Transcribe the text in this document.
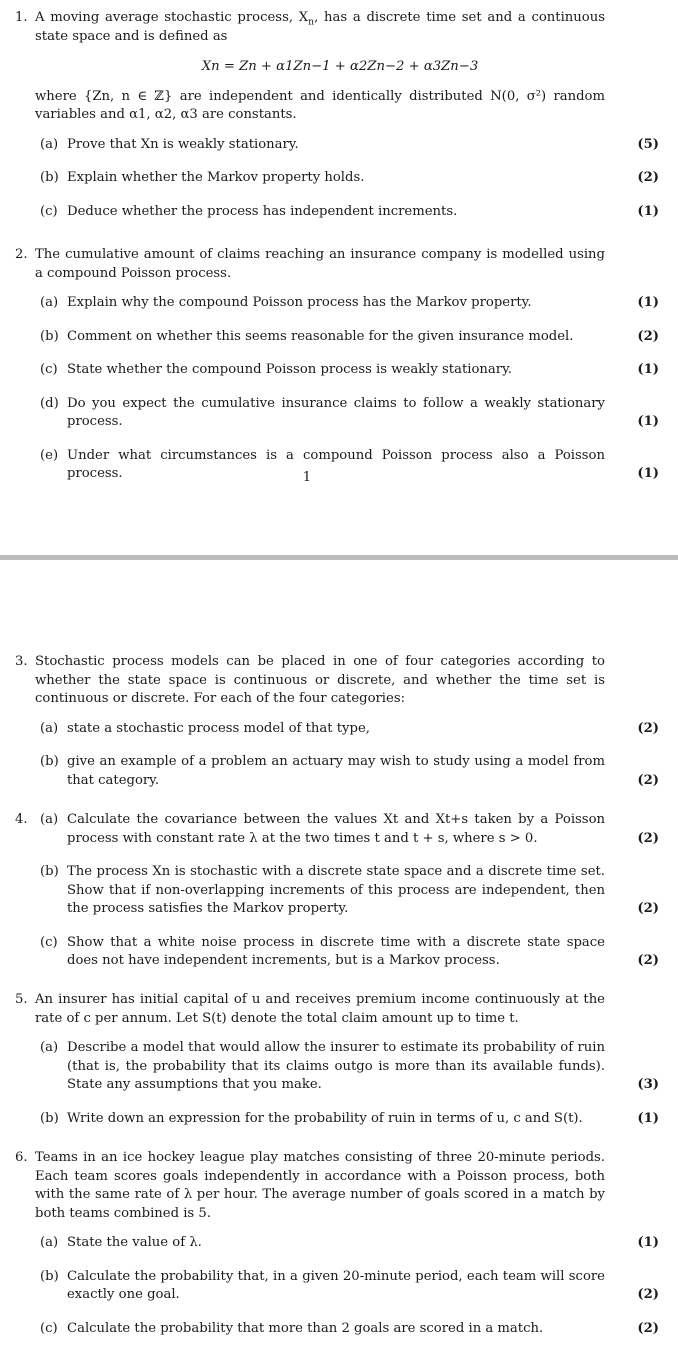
1. A moving average stochastic process, $X_n$, has a discrete time set and a continuous state space and is defined as
Xn = Zn + α1Zn−1 + α2Zn−2 + α3Zn−3
where {Zn, n ∈ ℤ} are independent and identically distributed N(0, σ²) random variables and α1, α2, α3 are constants.
(a) Prove that Xn is weakly stationary.	(5)
(b) Explain whether the Markov property holds.	(2)
(c) Deduce whether the process has independent increments.	(1)
2. The cumulative amount of claims reaching an insurance company is modelled using a compound Poisson process.
(a) Explain why the compound Poisson process has the Markov property.	(1)
(b) Comment on whether this seems reasonable for the given insurance model.	(2)
(c) State whether the compound Poisson process is weakly stationary.	(1)
(d) Do you expect the cumulative insurance claims to follow a weakly stationary process.	(1)
(e) Under what circumstances is a compound Poisson process also a Poisson process.	(1)
1
3. Stochastic process models can be placed in one of four categories according to whether the state space is continuous or discrete, and whether the time set is continuous or discrete. For each of the four categories:
(a) state a stochastic process model of that type,	(2)
(b) give an example of a problem an actuary may wish to study using a model from that category.	(2)
4. (a) Calculate the covariance between the values Xt and Xt+s taken by a Poisson process with constant rate λ at the two times t and t + s, where s > 0.	(2)
(b) The process Xn is stochastic with a discrete state space and a discrete time set. Show that if non-overlapping increments of this process are independent, then the process satisfies the Markov property.	(2)
(c) Show that a white noise process in discrete time with a discrete state space does not have independent increments, but is a Markov process.	(2)
5. An insurer has initial capital of u and receives premium income continuously at the rate of c per annum. Let S(t) denote the total claim amount up to time t.
(a) Describe a model that would allow the insurer to estimate its probability of ruin (that is, the probability that its claims outgo is more than its available funds). State any assumptions that you make.	(3)
(b) Write down an expression for the probability of ruin in terms of u, c and S(t).	(1)
6. Teams in an ice hockey league play matches consisting of three 20-minute periods. Each team scores goals independently in accordance with a Poisson process, both with the same rate of λ per hour. The average number of goals scored in a match by both teams combined is 5.
(a) State the value of λ.	(1)
(b) Calculate the probability that, in a given 20-minute period, each team will score exactly one goal.	(2)
(c) Calculate the probability that more than 2 goals are scored in a match.	(2)
